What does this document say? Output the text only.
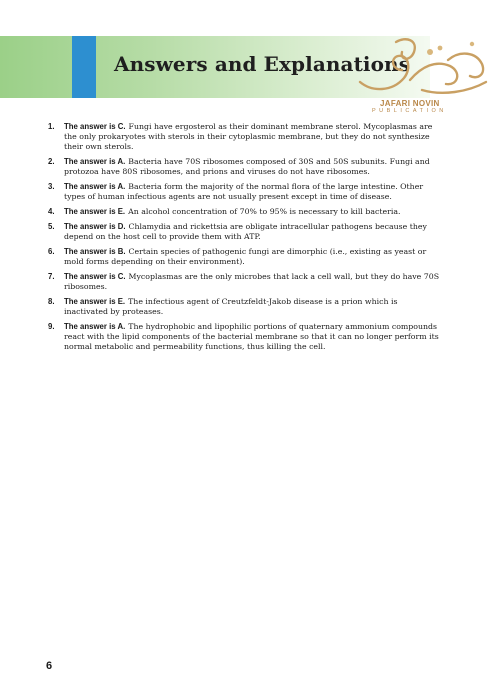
Answers and Explanations
JAFARI NOVIN
PUBLICATION
1.	The answer is C. Fungi have ergosterol as their dominant membrane sterol. Mycoplasmas are the only prokaryotes with sterols in their cytoplasmic membrane, but they do not synthesize their own sterols.
2.	The answer is A. Bacteria have 70S ribosomes composed of 30S and 50S subunits. Fungi and protozoa have 80S ribosomes, and prions and viruses do not have ribosomes.
3.	The answer is A. Bacteria form the majority of the normal flora of the large intestine. Other types of human infectious agents are not usually present except in time of disease.
4.	The answer is E. An alcohol concentration of 70% to 95% is necessary to kill bacteria.
5.	The answer is D. Chlamydia and rickettsia are obligate intracellular pathogens because they depend on the host cell to provide them with ATP.
6.	The answer is B. Certain species of pathogenic fungi are dimorphic (i.e., existing as yeast or mold forms depending on their environment).
7.	The answer is C. Mycoplasmas are the only microbes that lack a cell wall, but they do have 70S ribosomes.
8.	The answer is E. The infectious agent of Creutzfeldt-Jakob disease is a prion which is inactivated by proteases.
9.	The answer is A. The hydrophobic and lipophilic portions of quaternary ammonium compounds react with the lipid components of the bacterial membrane so that it can no longer perform its normal metabolic and permeability functions, thus killing the cell.
6
